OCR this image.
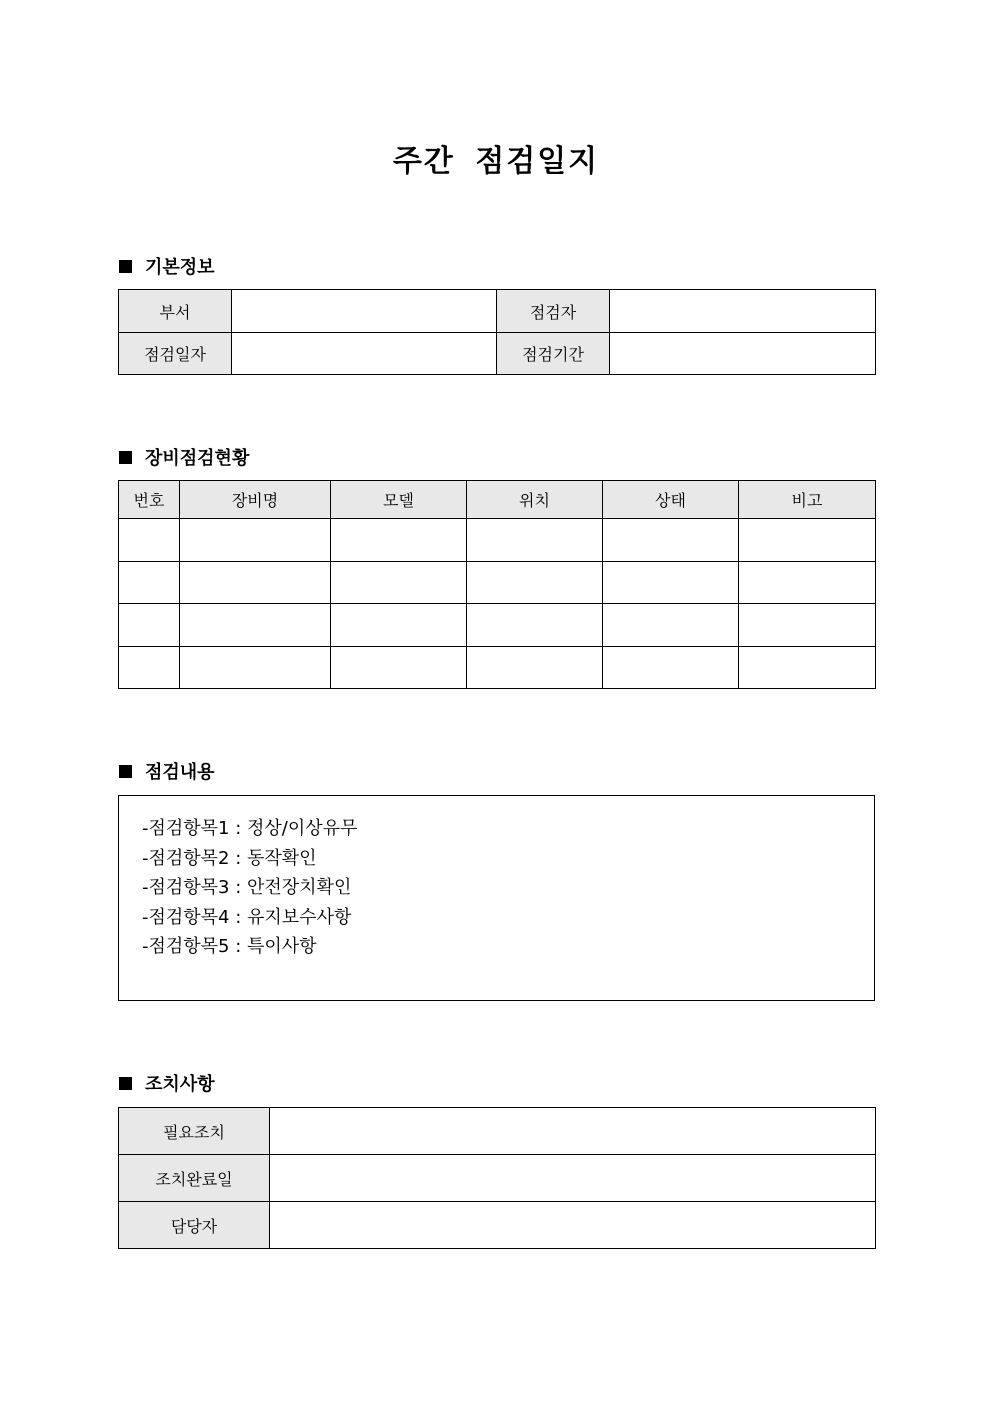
주간 점검일지
기본정보
부서		점검자	
점검일자		점검기간	
장비점검현황
번호	장비명	모델	위치	상태	비고

점검내용
-점검항목1 : 정상/이상유무
-점검항목2 : 동작확인
-점검항목3 : 안전장치확인
-점검항목4 : 유지보수사항
-점검항목5 : 특이사항
조치사항
필요조치	
조치완료일	
담당자	
